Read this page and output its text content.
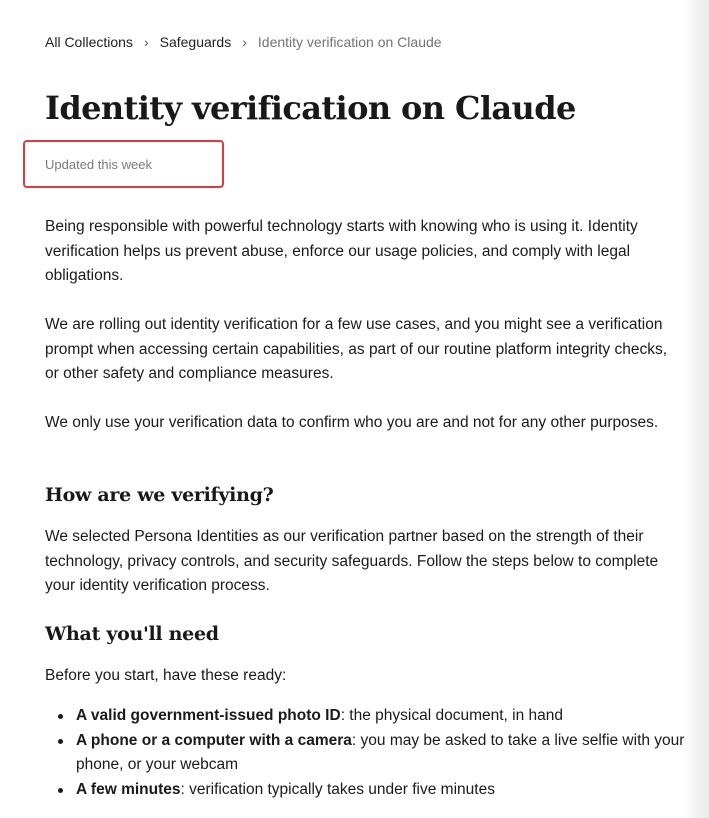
All Collections › Safeguards › Identity verification on Claude
Identity verification on Claude
Updated this week

Being responsible with powerful technology starts with knowing who is using it. Identity verification helps us prevent abuse, enforce our usage policies, and comply with legal obligations.

We are rolling out identity verification for a few use cases, and you might see a verification prompt when accessing certain capabilities, as part of our routine platform integrity checks, or other safety and compliance measures.

We only use your verification data to confirm who you are and not for any other purposes.

How are we verifying?

We selected Persona Identities as our verification partner based on the strength of their technology, privacy controls, and security safeguards. Follow the steps below to complete your identity verification process.

What you'll need

Before you start, have these ready:

A valid government-issued photo ID: the physical document, in hand
A phone or a computer with a camera: you may be asked to take a live selfie with your phone, or your webcam
A few minutes: verification typically takes under five minutes
